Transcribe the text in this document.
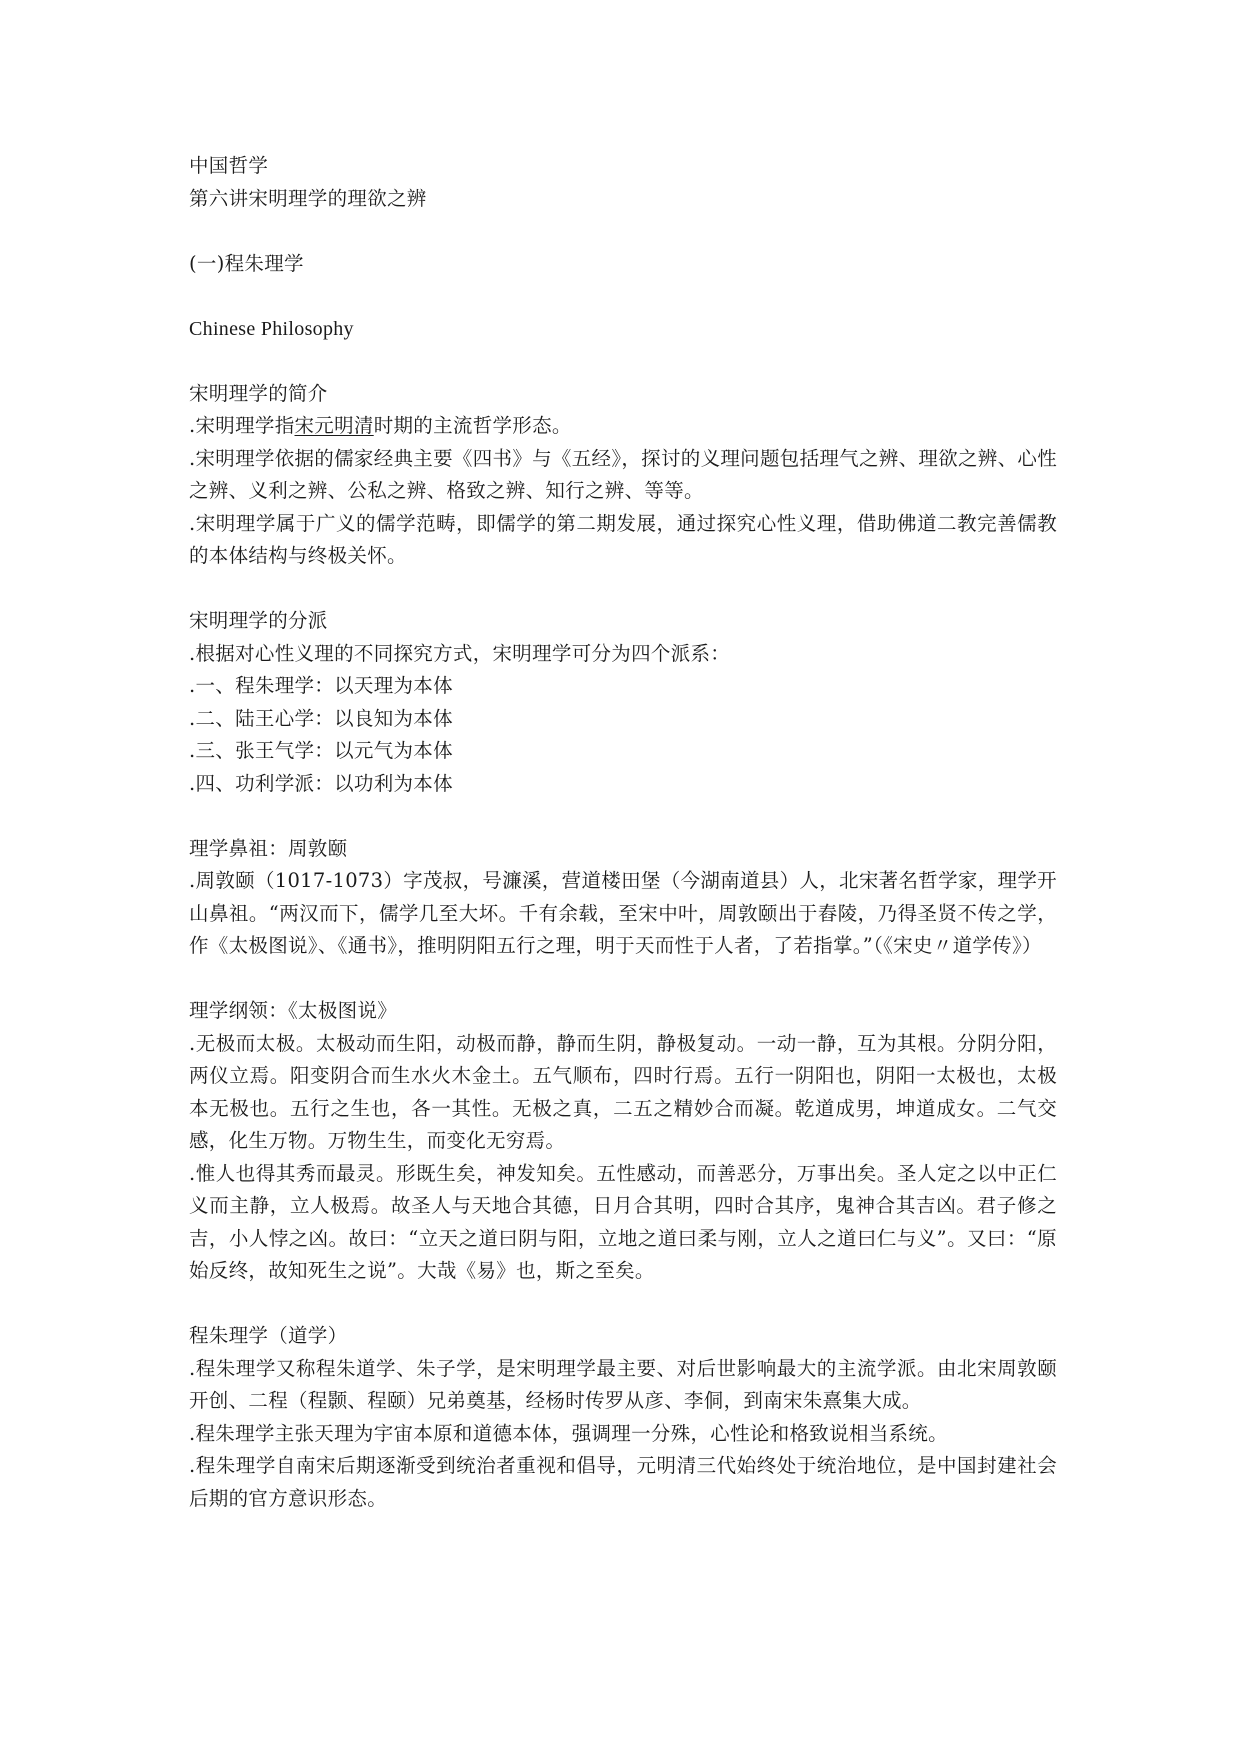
中国哲学
第六讲宋明理学的理欲之辨
(一)程朱理学
Chinese Philosophy
宋明理学的简介
.宋明理学指宋元明清时期的主流哲学形态。

.宋明理学依据的儒家经典主要《四书》与《五经》，探讨的义理问题包括理气之辨、理欲之辨、心性之辨、义利之辨、公私之辨、格致之辨、知行之辨、等等。

.宋明理学属于广义的儒学范畴，即儒学的第二期发展，通过探究心性义理，借助佛道二教完善儒教的本体结构与终极关怀。

宋明理学的分派
.根据对心性义理的不同探究方式，宋明理学可分为四个派系：
.一、程朱理学：以天理为本体
.二、陆王心学：以良知为本体
.三、张王气学：以元气为本体
.四、功利学派：以功利为本体
理学鼻祖：周敦颐

.周敦颐（1017-1073）字茂叔，号濂溪，营道楼田堡（今湖南道县）人，北宋著名哲学家，理学开山鼻祖。“两汉而下，儒学几至大坏。千有余载，至宋中叶，周敦颐出于舂陵，乃得圣贤不传之学，作《太极图说》、《通书》，推明阴阳五行之理，明于天而性于人者，了若指掌。”（《宋史〃道学传》）

理学纲领：《太极图说》

.无极而太极。太极动而生阳，动极而静，静而生阴，静极复动。一动一静，互为其根。分阴分阳，两仪立焉。阳变阴合而生水火木金土。五气顺布，四时行焉。五行一阴阳也，阴阳一太极也，太极本无极也。五行之生也，各一其性。无极之真，二五之精妙合而凝。乾道成男，坤道成女。二气交感，化生万物。万物生生，而变化无穷焉。

.惟人也得其秀而最灵。形既生矣，神发知矣。五性感动，而善恶分，万事出矣。圣人定之以中正仁义而主静，立人极焉。故圣人与天地合其德，日月合其明，四时合其序，鬼神合其吉凶。君子修之吉，小人悖之凶。故曰：“立天之道曰阴与阳，立地之道曰柔与刚，立人之道曰仁与义”。又曰：“原始反终，故知死生之说”。大哉《易》也，斯之至矣。

程朱理学（道学）

.程朱理学又称程朱道学、朱子学，是宋明理学最主要、对后世影响最大的主流学派。由北宋周敦颐开创、二程（程颢、程颐）兄弟奠基，经杨时传罗从彦、李侗，到南宋朱熹集大成。

.程朱理学主张天理为宇宙本原和道德本体，强调理一分殊，心性论和格致说相当系统。

.程朱理学自南宋后期逐渐受到统治者重视和倡导，元明清三代始终处于统治地位，是中国封建社会后期的官方意识形态。
